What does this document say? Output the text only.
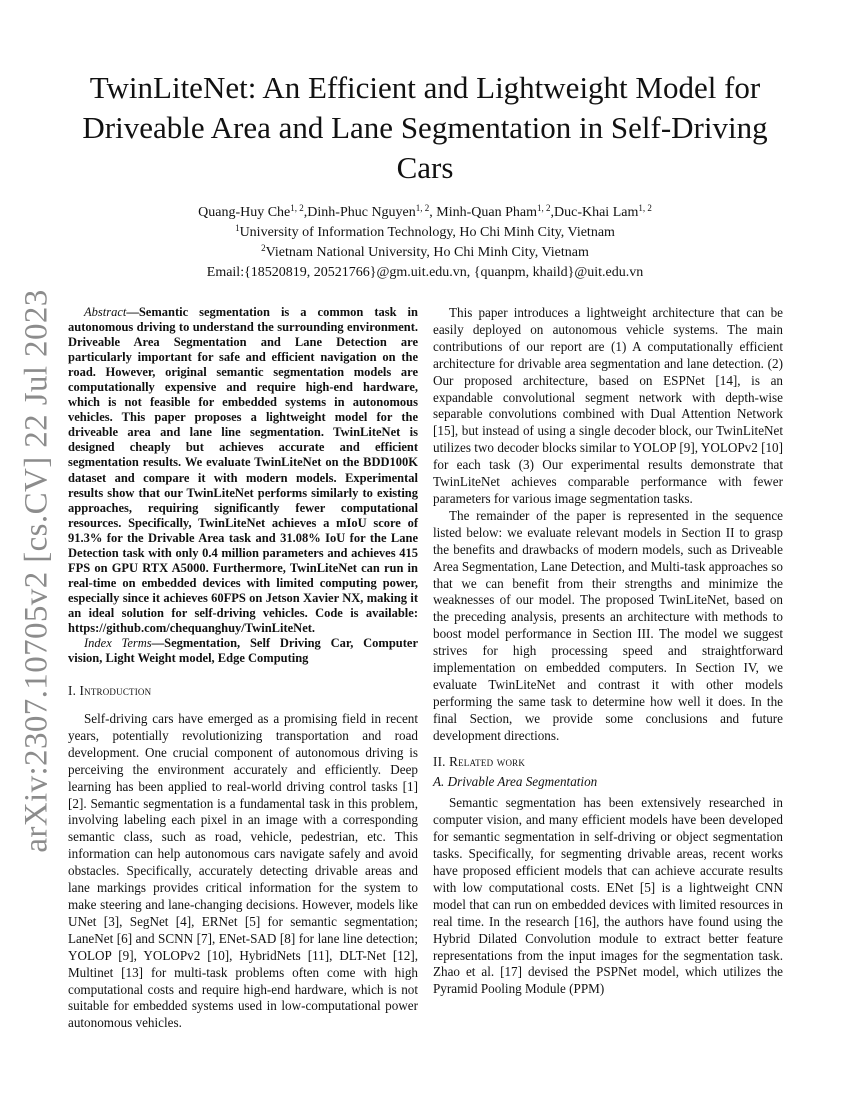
arXiv:2307.10705v2 [cs.CV] 22 Jul 2023
TwinLiteNet: An Efficient and Lightweight Model for Driveable Area and Lane Segmentation in Self-Driving Cars
Quang-Huy Che$^{1, 2}$,Dinh-Phuc Nguyen$^{1, 2}$, Minh-Quan Pham$^{1, 2}$,Duc-Khai Lam$^{1, 2}$
$^1$University of Information Technology, Ho Chi Minh City, Vietnam
$^2$Vietnam National University, Ho Chi Minh City, Vietnam
Email:{18520819, 20521766}@gm.uit.edu.vn, {quanpm, khaild}@uit.edu.vn

Abstract—Semantic segmentation is a common task in autonomous driving to understand the surrounding environment. Driveable Area Segmentation and Lane Detection are particularly important for safe and efficient navigation on the road. However, original semantic segmentation models are computationally expensive and require high-end hardware, which is not feasible for embedded systems in autonomous vehicles. This paper proposes a lightweight model for the driveable area and lane line segmentation. TwinLiteNet is designed cheaply but achieves accurate and efficient segmentation results. We evaluate TwinLiteNet on the BDD100K dataset and compare it with modern models. Experimental results show that our TwinLiteNet performs similarly to existing approaches, requiring significantly fewer computational resources. Specifically, TwinLiteNet achieves a mIoU score of 91.3% for the Drivable Area task and 31.08% IoU for the Lane Detection task with only 0.4 million parameters and achieves 415 FPS on GPU RTX A5000. Furthermore, TwinLiteNet can run in real-time on embedded devices with limited computing power, especially since it achieves 60FPS on Jetson Xavier NX, making it an ideal solution for self-driving vehicles. Code is available: https://github.com/chequanghuy/TwinLiteNet.

Index Terms—Segmentation, Self Driving Car, Computer vision, Light Weight model, Edge Computing

I. Introduction

Self-driving cars have emerged as a promising field in recent years, potentially revolutionizing transportation and road development. One crucial component of autonomous driving is perceiving the environment accurately and efficiently. Deep learning has been applied to real-world driving control tasks [1] [2]. Semantic segmentation is a fundamental task in this problem, involving labeling each pixel in an image with a corresponding semantic class, such as road, vehicle, pedestrian, etc. This information can help autonomous cars navigate safely and avoid obstacles. Specifically, accurately detecting drivable areas and lane markings provides critical information for the system to make steering and lane-changing decisions. However, models like UNet [3], SegNet [4], ERNet [5] for semantic segmentation; LaneNet [6] and SCNN [7], ENet-SAD [8] for lane line detection; YOLOP [9], YOLOPv2 [10], HybridNets [11], DLT-Net [12], Multinet [13] for multi-task problems often come with high computational costs and require high-end hardware, which is not suitable for embedded systems used in low-computational power autonomous vehicles.

This paper introduces a lightweight architecture that can be easily deployed on autonomous vehicle systems. The main contributions of our report are (1) A computationally efficient architecture for drivable area segmentation and lane detection. (2) Our proposed architecture, based on ESPNet [14], is an expandable convolutional segment network with depth-wise separable convolutions combined with Dual Attention Network [15], but instead of using a single decoder block, our TwinLiteNet utilizes two decoder blocks similar to YOLOP [9], YOLOPv2 [10] for each task (3) Our experimental results demonstrate that TwinLiteNet achieves comparable performance with fewer parameters for various image segmentation tasks.

The remainder of the paper is represented in the sequence listed below: we evaluate relevant models in Section II to grasp the benefits and drawbacks of modern models, such as Driveable Area Segmentation, Lane Detection, and Multi-task approaches so that we can benefit from their strengths and minimize the weaknesses of our model. The proposed TwinLiteNet, based on the preceding analysis, presents an architecture with methods to boost model performance in Section III. The model we suggest strives for high processing speed and straightforward implementation on embedded computers. In Section IV, we evaluate TwinLiteNet and contrast it with other models performing the same task to determine how well it does. In the final Section, we provide some conclusions and future development directions.

II. Related work

A. Drivable Area Segmentation

Semantic segmentation has been extensively researched in computer vision, and many efficient models have been developed for semantic segmentation in self-driving or object segmentation tasks. Specifically, for segmenting drivable areas, recent works have proposed efficient models that can achieve accurate results with low computational costs. ENet [5] is a lightweight CNN model that can run on embedded devices with limited resources in real time. In the research [16], the authors have found using the Hybrid Dilated Convolution module to extract better feature representations from the input images for the segmentation task. Zhao et al. [17] devised the PSPNet model, which utilizes the Pyramid Pooling Module (PPM)
